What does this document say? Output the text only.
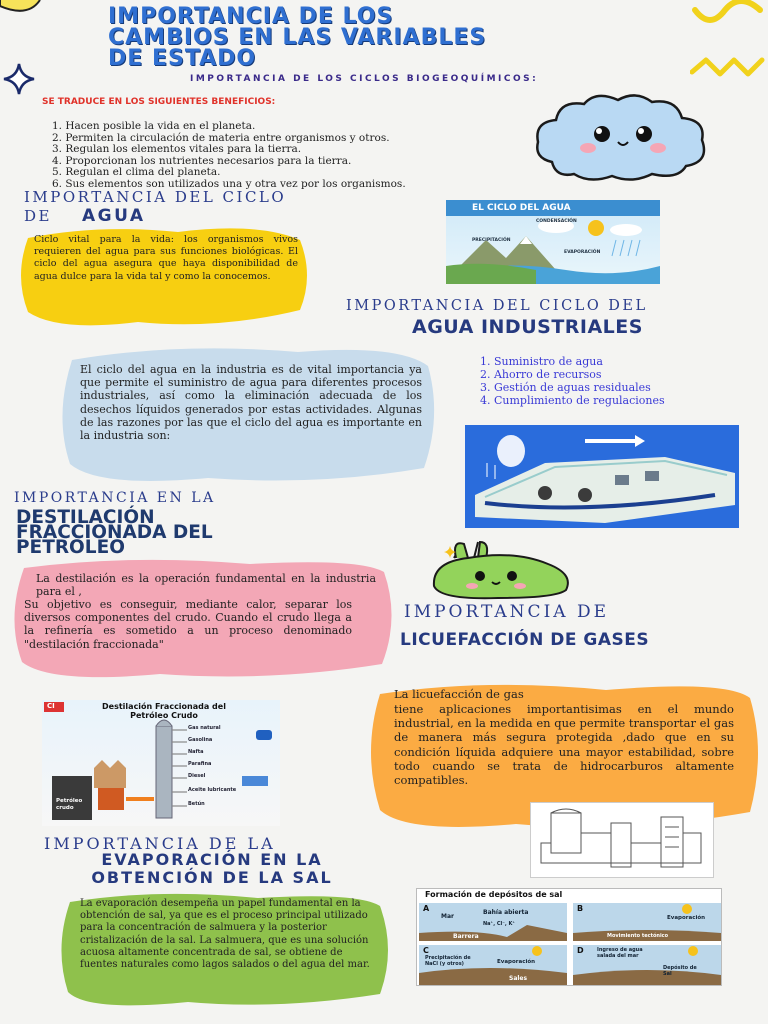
IMPORTANCIA DE LOS
CAMBIOS EN LAS VARIABLES
DE ESTADO
IMPORTANCIA DE LOS CICLOS BIOGEOQUÍMICOS:
SE TRADUCE EN LOS SIGUIENTES BENEFICIOS:
1. Hacen posible la vida en el planeta.
2. Permiten la circulación de materia entre organismos y otros.
3. Regulan los elementos vitales para la tierra.
4. Proporcionan los nutrientes necesarios para la tierra.
5. Regulan el clima del planeta.
6. Sus elementos son utilizados una y otra vez por los organismos.
IMPORTANCIA DEL CICLO
DE AGUA
Ciclo vital para la vida: los organismos vivos requieren del agua para sus funciones biológicas. El ciclo del agua asegura que haya disponibilidad de agua dulce para la vida tal y como la conocemos.
EL CICLO DEL AGUA
CONDENSACIÓN
PRECIPITACIÓN
EVAPORACIÓN
IMPORTANCIA DEL CICLO DEL
AGUA INDUSTRIALES
El ciclo del agua en la industria es de vital importancia ya que permite el suministro de agua para diferentes procesos industriales, así como la eliminación adecuada de los desechos líquidos generados por estas actividades. Algunas de las razones por las que el ciclo del agua es importante en la industria son:
1. Suministro de agua
2. Ahorro de recursos
3. Gestión de aguas residuales
4. Cumplimiento de regulaciones
IMPORTANCIA EN LA
DESTILACIÓN
FRACCIONADA DEL
PETRÓLEO
La destilación es la operación fundamental en la industria para el ,
Su objetivo es conseguir, mediante calor, separar los diversos componentes del crudo. Cuando el crudo llega a la refinería es sometido a un proceso denominado "destilación fraccionada"
CI	Destilación Fraccionada del
Petróleo Crudo
Gas natural
Gasolina
Nafta
Parafina
Diesel
Aceite lubricante
Betún
Petróleo crudo
IMPORTANCIA DE
LICUEFACCIÓN DE GASES
La licuefacción de gas
tiene aplicaciones importantisimas en el mundo industrial, en la medida en que permite transportar el gas de manera más segura protegida ,dado que en su condición líquida adquiere una mayor estabilidad, sobre todo cuando se trata de hidrocarburos altamente compatibles.
IMPORTANCIA DE LA
EVAPORACIÓN EN LA
OBTENCIÓN DE LA SAL
La evaporación desempeña un papel fundamental en la obtención de sal, ya que es el proceso principal utilizado para la concentración de salmuera y la posterior cristalización de la sal. La salmuera, que es una solución acuosa altamente concentrada de sal, se obtiene de fuentes naturales como lagos salados o del agua del mar.
Formación de depósitos de sal
A	B
C	D
Mar
Bahía abierta
Na⁺, Cl⁻, K⁺
Barrera
Evaporación
Movimiento tectónico
Precipitación de NaCl (y otros)	Evaporación
Sales
Ingreso de agua salada del mar
Depósito de Sal
